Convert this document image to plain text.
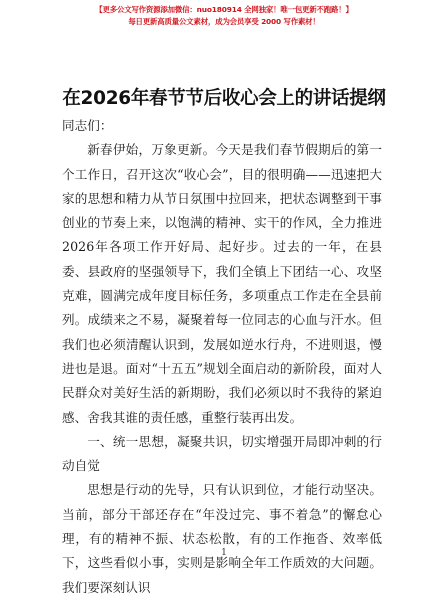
【更多公文写作资源添加微信：nuo180914 全网独家！唯一包更新不跑路！】
每日更新高质量公文素材，成为会员享受 2000 写作素材！
在2026年春节节后收心会上的讲话提纲

同志们：

新春伊始，万象更新。今天是我们春节假期后的第一个工作日，召开这次“收心会”，目的很明确——迅速把大家的思想和精力从节日氛围中拉回来，把状态调整到干事创业的节奏上来，以饱满的精神、实干的作风，全力推进2026年各项工作开好局、起好步。过去的一年，在县委、县政府的坚强领导下，我们全镇上下团结一心、攻坚克难，圆满完成年度目标任务，多项重点工作走在全县前列。成绩来之不易，凝聚着每一位同志的心血与汗水。但我们也必须清醒认识到，发展如逆水行舟，不进则退，慢进也是退。面对“十五五”规划全面启动的新阶段，面对人民群众对美好生活的新期盼，我们必须以时不我待的紧迫感、舍我其谁的责任感，重整行装再出发。

一、统一思想，凝聚共识，切实增强开局即冲刺的行动自觉

思想是行动的先导，只有认识到位，才能行动坚决。当前，部分干部还存在“年没过完、事不着急”的懈怠心理，有的精神不振、状态松散，有的工作拖沓、效率低下，这些看似小事，实则是影响全年工作质效的大问题。我们要深刻认识

1
